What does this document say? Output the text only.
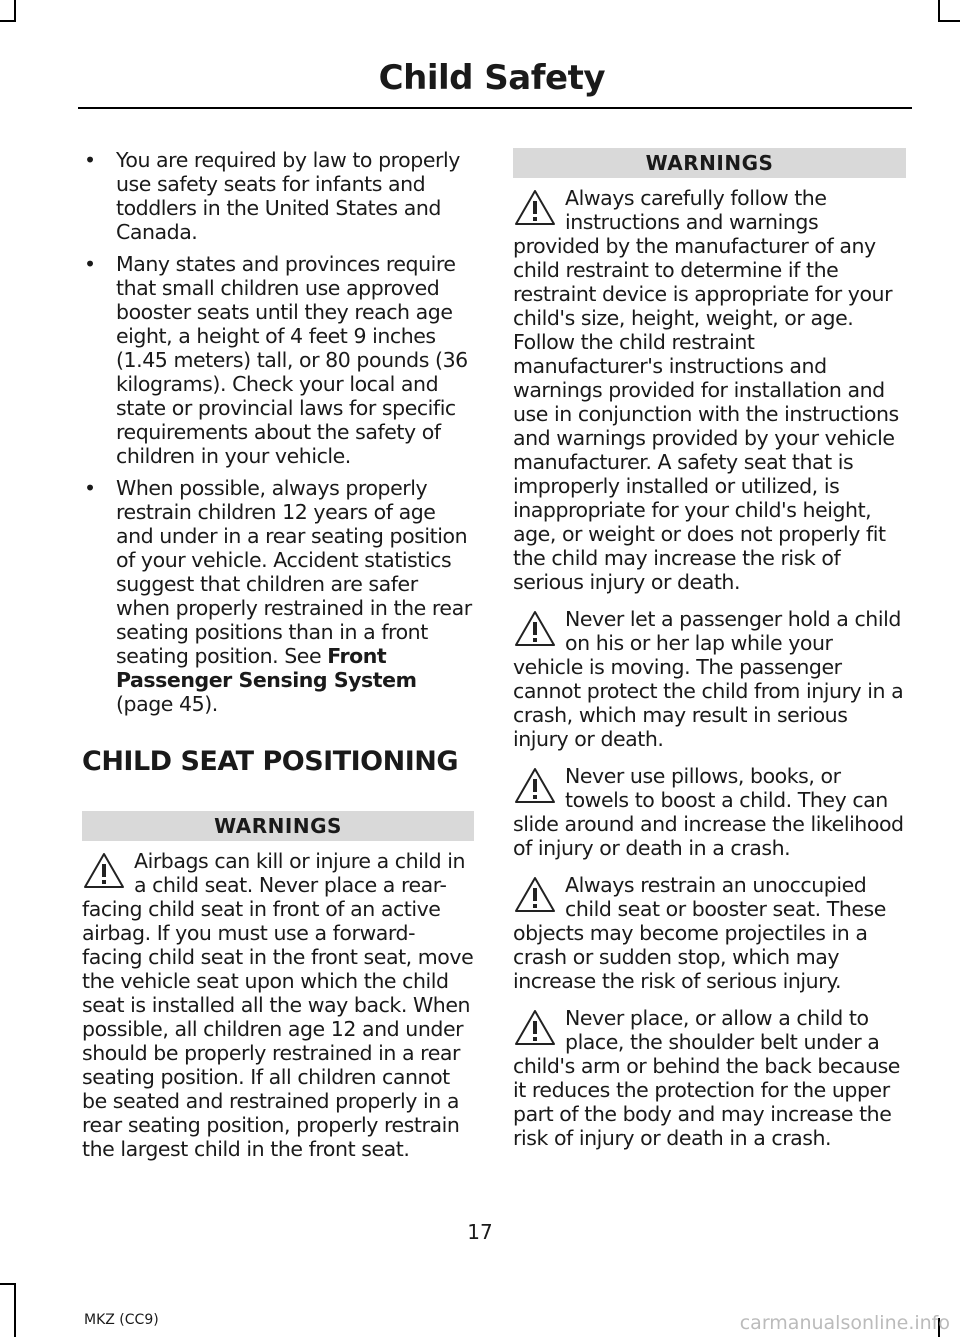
Child Safety
• You are required by law to properly use safety seats for infants and toddlers in the United States and Canada.
• Many states and provinces require that small children use approved booster seats until they reach age eight, a height of 4 feet 9 inches (1.45 meters) tall, or 80 pounds (36 kilograms). Check your local and state or provincial laws for specific requirements about the safety of children in your vehicle.
• When possible, always properly restrain children 12 years of age and under in a rear seating position of your vehicle. Accident statistics suggest that children are safer when properly restrained in the rear seating positions than in a front seating position. See Front Passenger Sensing System
(page 45).
CHILD SEAT POSITIONING
WARNINGS
Airbags can kill or injure a child in a child seat. Never place a rear-facing child seat in front of an active airbag. If you must use a forward-facing child seat in the front seat, move the vehicle seat upon which the child seat is installed all the way back. When possible, all children age 12 and under should be properly restrained in a rear seating position. If all children cannot be seated and restrained properly in a rear seating position, properly restrain the largest child in the front seat.
WARNINGS
Always carefully follow the instructions and warnings provided by the manufacturer of any child restraint to determine if the restraint device is appropriate for your child's size, height, weight, or age. Follow the child restraint manufacturer's instructions and warnings provided for installation and use in conjunction with the instructions and warnings provided by your vehicle manufacturer. A safety seat that is improperly installed or utilized, is inappropriate for your child's height, age, or weight or does not properly fit the child may increase the risk of serious injury or death.
Never let a passenger hold a child on his or her lap while your vehicle is moving. The passenger cannot protect the child from injury in a crash, which may result in serious injury or death.
Never use pillows, books, or towels to boost a child. They can slide around and increase the likelihood of injury or death in a crash.
Always restrain an unoccupied child seat or booster seat. These objects may become projectiles in a crash or sudden stop, which may increase the risk of serious injury.
Never place, or allow a child to place, the shoulder belt under a child's arm or behind the back because it reduces the protection for the upper part of the body and may increase the risk of injury or death in a crash.
17
MKZ (CC9)	carmanualsonline.info
